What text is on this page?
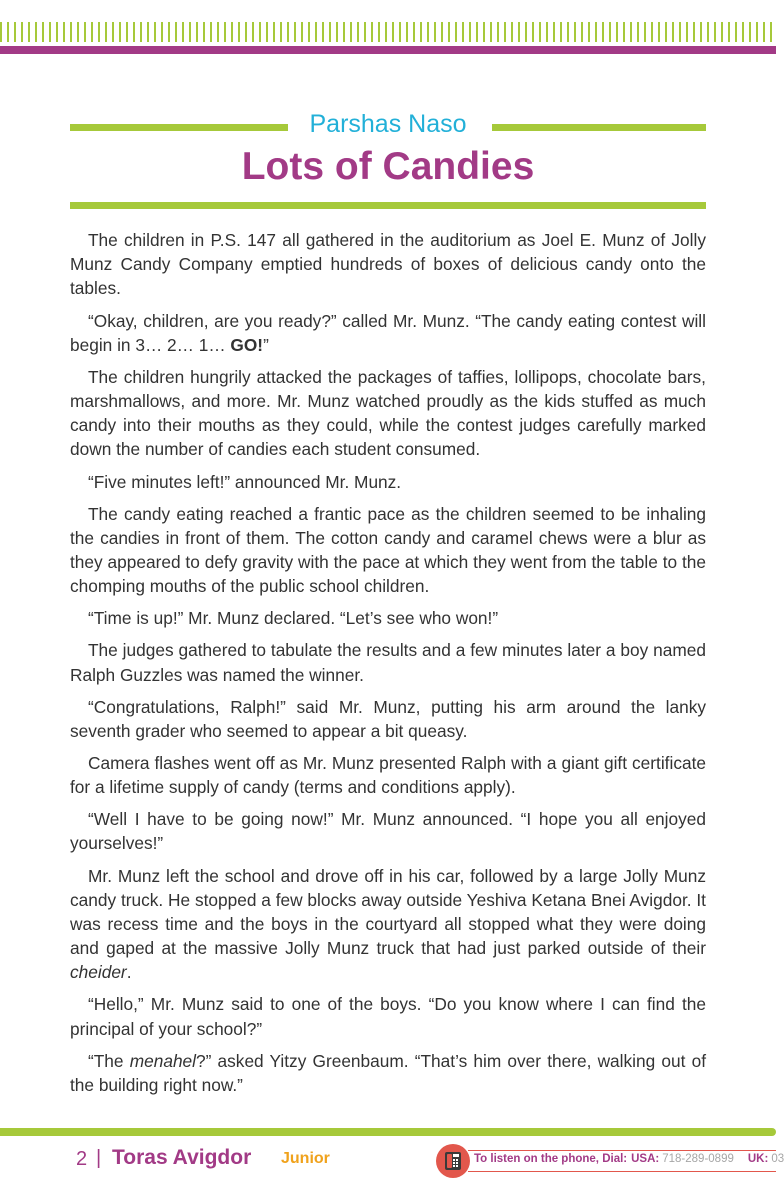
Parshas Naso
Lots of Candies

The children in P.S. 147 all gathered in the auditorium as Joel E. Munz of Jolly Munz Candy Company emptied hundreds of boxes of delicious candy onto the tables.

“Okay, children, are you ready?” called Mr. Munz. “The candy eating contest will begin in 3… 2… 1… GO!”

The children hungrily attacked the packages of taffies, lollipops, chocolate bars, marshmallows, and more. Mr. Munz watched proudly as the kids stuffed as much candy into their mouths as they could, while the contest judges carefully marked down the number of candies each student consumed.

“Five minutes left!” announced Mr. Munz.

The candy eating reached a frantic pace as the children seemed to be inhaling the candies in front of them. The cotton candy and caramel chews were a blur as they appeared to defy gravity with the pace at which they went from the table to the chomping mouths of the public school children.

“Time is up!” Mr. Munz declared. “Let’s see who won!”

The judges gathered to tabulate the results and a few minutes later a boy named Ralph Guzzles was named the winner.

“Congratulations, Ralph!” said Mr. Munz, putting his arm around the lanky seventh grader who seemed to appear a bit queasy.

Camera flashes went off as Mr. Munz presented Ralph with a giant gift certificate for a lifetime supply of candy (terms and conditions apply).

“Well I have to be going now!” Mr. Munz announced. “I hope you all enjoyed yourselves!”

Mr. Munz left the school and drove off in his car, followed by a large Jolly Munz candy truck. He stopped a few blocks away outside Yeshiva Ketana Bnei Avigdor. It was recess time and the boys in the courtyard all stopped what they were doing and gaped at the massive Jolly Munz truck that had just parked outside of their cheider.

“Hello,” Mr. Munz said to one of the boys. “Do you know where I can find the principal of your school?”

“The menahel?” asked Yitzy Greenbaum. “That’s him over there, walking out of the building right now.”

2 | Toras Avigdor Junior	To listen on the phone, Dial: USA: 718-289-0899 UK: 03
